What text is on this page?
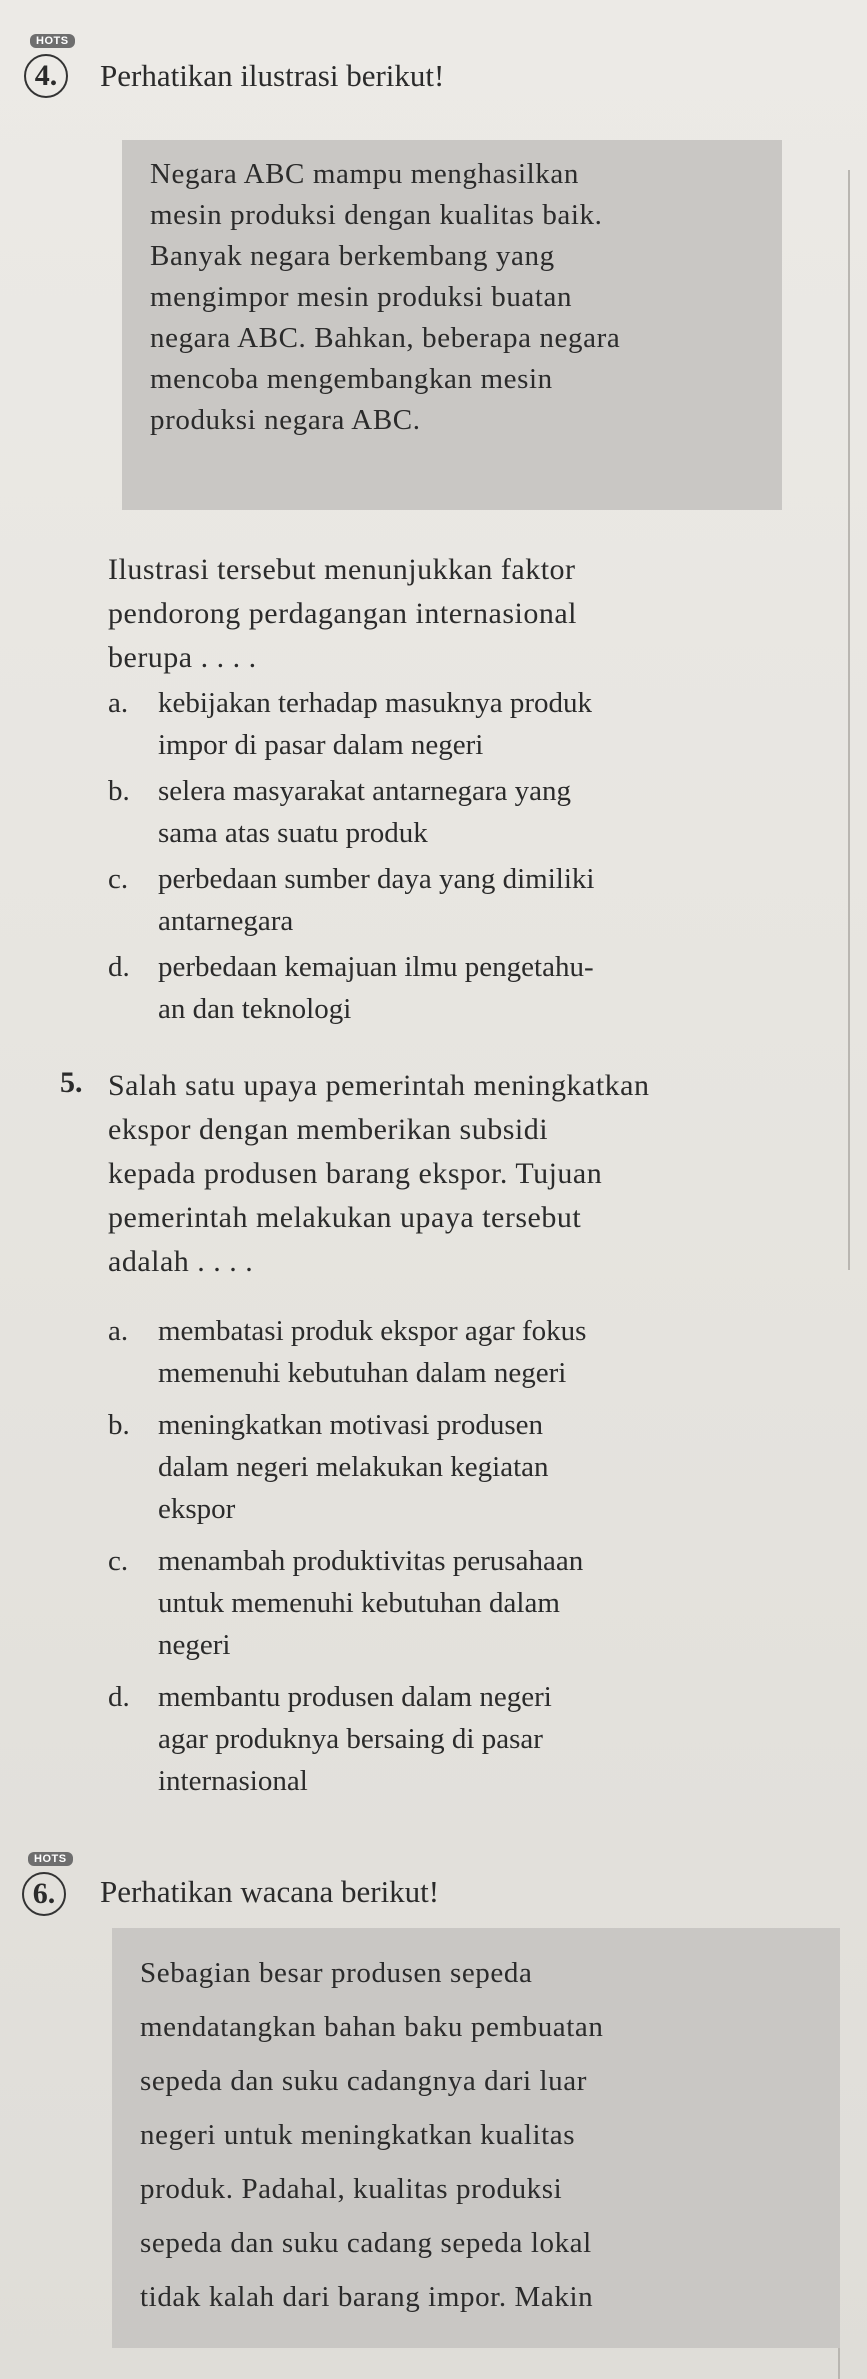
HOTS
4.	Perhatikan ilustrasi berikut!
Negara ABC mampu menghasilkan
mesin produksi dengan kualitas baik.
Banyak negara berkembang yang
mengimpor mesin produksi buatan
negara ABC. Bahkan, beberapa negara
mencoba mengembangkan mesin
produksi negara ABC.
Ilustrasi tersebut menunjukkan faktor
pendorong perdagangan internasional
berupa . . . .
a. kebijakan terhadap masuknya produk
impor di pasar dalam negeri
b. selera masyarakat antarnegara yang
sama atas suatu produk
c. perbedaan sumber daya yang dimiliki
antarnegara
d. perbedaan kemajuan ilmu pengetahu-
an dan teknologi
5. Salah satu upaya pemerintah meningkatkan
ekspor dengan memberikan subsidi
kepada produsen barang ekspor. Tujuan
pemerintah melakukan upaya tersebut
adalah . . . .
a. membatasi produk ekspor agar fokus
memenuhi kebutuhan dalam negeri
b. meningkatkan motivasi produsen
dalam negeri melakukan kegiatan
ekspor
c. menambah produktivitas perusahaan
untuk memenuhi kebutuhan dalam
negeri
d. membantu produsen dalam negeri
agar produknya bersaing di pasar
internasional
HOTS
6.	Perhatikan wacana berikut!
Sebagian besar produsen sepeda
mendatangkan bahan baku pembuatan
sepeda dan suku cadangnya dari luar
negeri untuk meningkatkan kualitas
produk. Padahal, kualitas produksi
sepeda dan suku cadang sepeda lokal
tidak kalah dari barang impor. Makin
